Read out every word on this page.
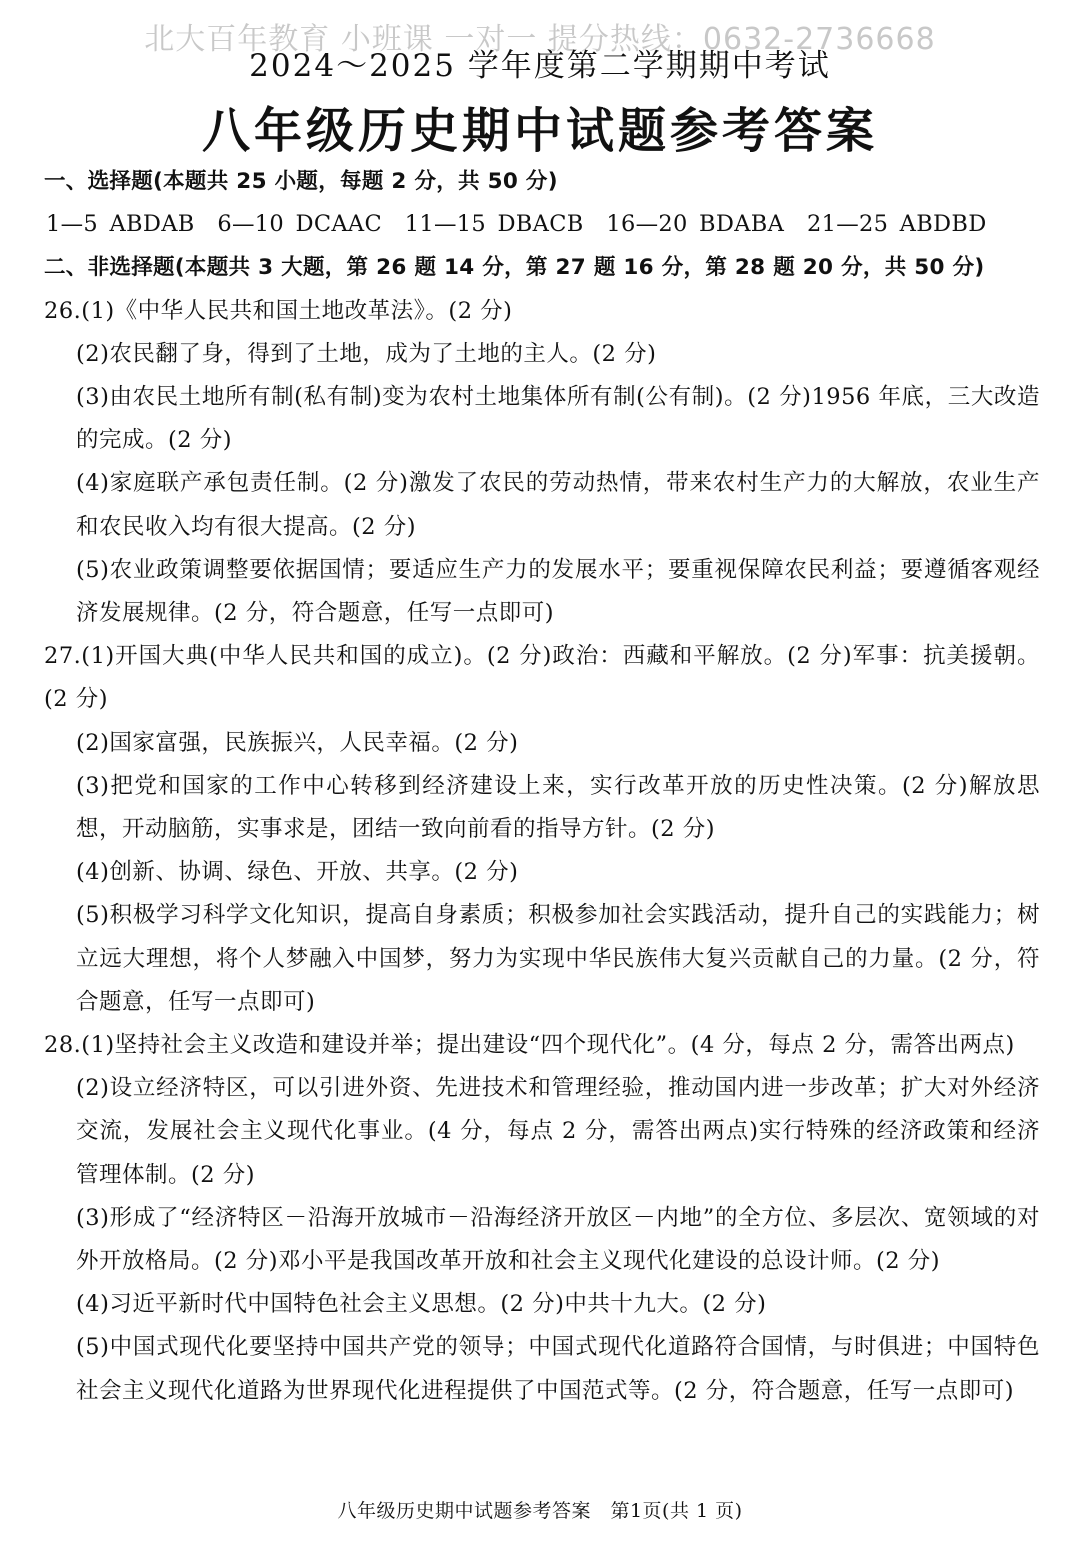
北大百年教育 小班课 一对一 提分热线：0632-2736668
2024～2025 学年度第二学期期中考试
八年级历史期中试题参考答案
一、选择题(本题共 25 小题，每题 2 分，共 50 分)
1—5 ABDAB　6—10 DCAAC　11—15 DBACB　16—20 BDABA　21—25 ABDBD
二、非选择题(本题共 3 大题，第 26 题 14 分，第 27 题 16 分，第 28 题 20 分，共 50 分)
26.(1)《中华人民共和国土地改革法》。(2 分)
(2)农民翻了身，得到了土地，成为了土地的主人。(2 分)
(3)由农民土地所有制(私有制)变为农村土地集体所有制(公有制)。(2 分)1956 年底，三大改造的完成。(2 分)
(4)家庭联产承包责任制。(2 分)激发了农民的劳动热情，带来农村生产力的大解放，农业生产和农民收入均有很大提高。(2 分)
(5)农业政策调整要依据国情；要适应生产力的发展水平；要重视保障农民利益；要遵循客观经济发展规律。(2 分，符合题意，任写一点即可)
27.(1)开国大典(中华人民共和国的成立)。(2 分)政治：西藏和平解放。(2 分)军事：抗美援朝。(2 分)
(2)国家富强，民族振兴，人民幸福。(2 分)
(3)把党和国家的工作中心转移到经济建设上来，实行改革开放的历史性决策。(2 分)解放思想，开动脑筋，实事求是，团结一致向前看的指导方针。(2 分)
(4)创新、协调、绿色、开放、共享。(2 分)
(5)积极学习科学文化知识，提高自身素质；积极参加社会实践活动，提升自己的实践能力；树立远大理想，将个人梦融入中国梦，努力为实现中华民族伟大复兴贡献自己的力量。(2 分，符合题意，任写一点即可)
28.(1)坚持社会主义改造和建设并举；提出建设“四个现代化”。(4 分，每点 2 分，需答出两点)
(2)设立经济特区，可以引进外资、先进技术和管理经验，推动国内进一步改革；扩大对外经济交流，发展社会主义现代化事业。(4 分，每点 2 分，需答出两点)实行特殊的经济政策和经济管理体制。(2 分)
(3)形成了“经济特区－沿海开放城市－沿海经济开放区－内地”的全方位、多层次、宽领域的对外开放格局。(2 分)邓小平是我国改革开放和社会主义现代化建设的总设计师。(2 分)
(4)习近平新时代中国特色社会主义思想。(2 分)中共十九大。(2 分)
(5)中国式现代化要坚持中国共产党的领导；中国式现代化道路符合国情，与时俱进；中国特色社会主义现代化道路为世界现代化进程提供了中国范式等。(2 分，符合题意，任写一点即可)
八年级历史期中试题参考答案　第1页(共 1 页)
